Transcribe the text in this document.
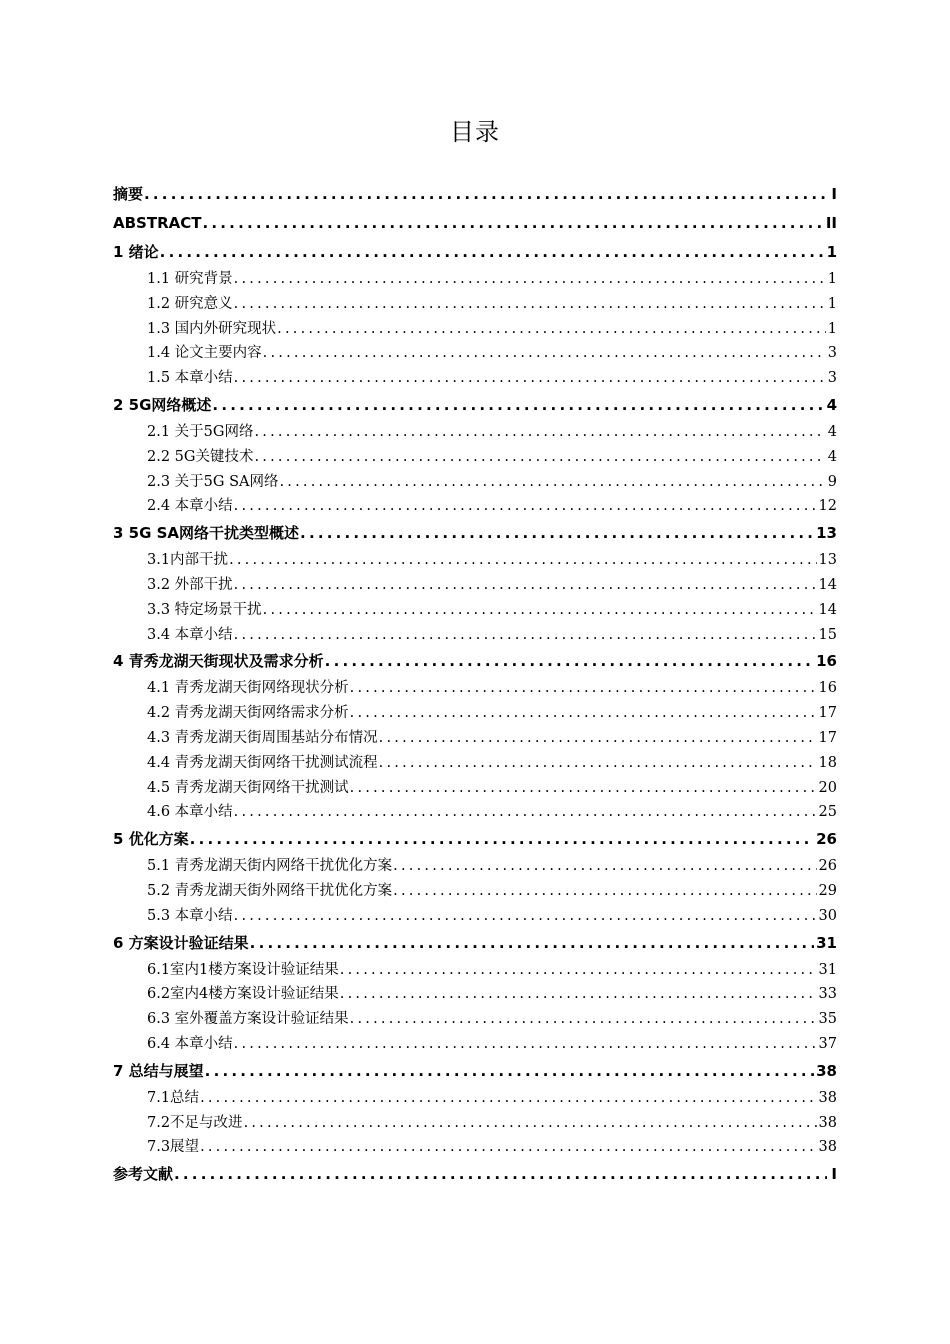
目录
摘要 .....	I
ABSTRACT .....	II
1 绪论 .....	1
1.1 研究背景 .....	1
1.2 研究意义 .....	1
1.3 国内外研究现状 .....	1
1.4 论文主要内容 .....	3
1.5 本章小结 .....	3
2 5G网络概述 .....	4
2.1 关于5G网络 .....	4
2.2 5G关键技术 .....	4
2.3 关于5G SA网络 .....	9
2.4 本章小结 .....	12
3 5G SA网络干扰类型概述 .....	13
3.1内部干扰 .....	13
3.2 外部干扰 .....	14
3.3 特定场景干扰 .....	14
3.4 本章小结 .....	15
4 青秀龙湖天街现状及需求分析 .....	16
4.1 青秀龙湖天街网络现状分析 .....	16
4.2 青秀龙湖天街网络需求分析 .....	17
4.3 青秀龙湖天街周围基站分布情况 .....	17
4.4 青秀龙湖天街网络干扰测试流程 .....	18
4.5 青秀龙湖天街网络干扰测试 .....	20
4.6 本章小结 .....	25
5 优化方案 .....	26
5.1 青秀龙湖天街内网络干扰优化方案 .....	26
5.2 青秀龙湖天街外网络干扰优化方案 .....	29
5.3 本章小结 .....	30
6 方案设计验证结果 .....	31
6.1室内1楼方案设计验证结果 .....	31
6.2室内4楼方案设计验证结果 .....	33
6.3 室外覆盖方案设计验证结果 .....	35
6.4 本章小结 .....	37
7 总结与展望 .....	38
7.1总结 .....	38
7.2不足与改进 .....	38
7.3展望 .....	38
参考文献 .....	I
